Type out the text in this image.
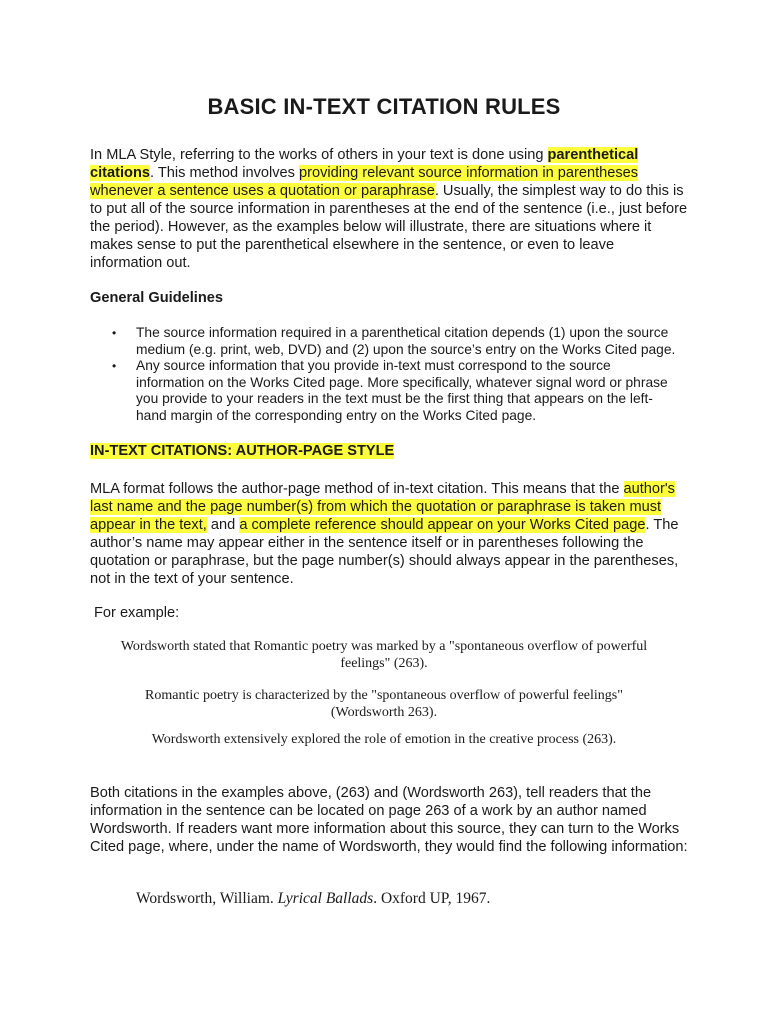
BASIC IN-TEXT CITATION RULES

In MLA Style, referring to the works of others in your text is done using parenthetical citations. This method involves providing relevant source information in parentheses whenever a sentence uses a quotation or paraphrase. Usually, the simplest way to do this is to put all of the source information in parentheses at the end of the sentence (i.e., just before the period). However, as the examples below will illustrate, there are situations where it makes sense to put the parenthetical elsewhere in the sentence, or even to leave information out.

General Guidelines
• The source information required in a parenthetical citation depends (1) upon the source medium (e.g. print, web, DVD) and (2) upon the source’s entry on the Works Cited page.
• Any source information that you provide in-text must correspond to the source information on the Works Cited page. More specifically, whatever signal word or phrase you provide to your readers in the text must be the first thing that appears on the left-hand margin of the corresponding entry on the Works Cited page.
IN-TEXT CITATIONS: AUTHOR-PAGE STYLE

MLA format follows the author-page method of in-text citation. This means that the author's last name and the page number(s) from which the quotation or paraphrase is taken must appear in the text, and a complete reference should appear on your Works Cited page. The author’s name may appear either in the sentence itself or in parentheses following the quotation or paraphrase, but the page number(s) should always appear in the parentheses, not in the text of your sentence.

For example:
Wordsworth stated that Romantic poetry was marked by a "spontaneous overflow of powerful feelings" (263).
Romantic poetry is characterized by the "spontaneous overflow of powerful feelings" (Wordsworth 263).
Wordsworth extensively explored the role of emotion in the creative process (263).

Both citations in the examples above, (263) and (Wordsworth 263), tell readers that the information in the sentence can be located on page 263 of a work by an author named Wordsworth. If readers want more information about this source, they can turn to the Works Cited page, where, under the name of Wordsworth, they would find the following information:

Wordsworth, William. Lyrical Ballads. Oxford UP, 1967.
